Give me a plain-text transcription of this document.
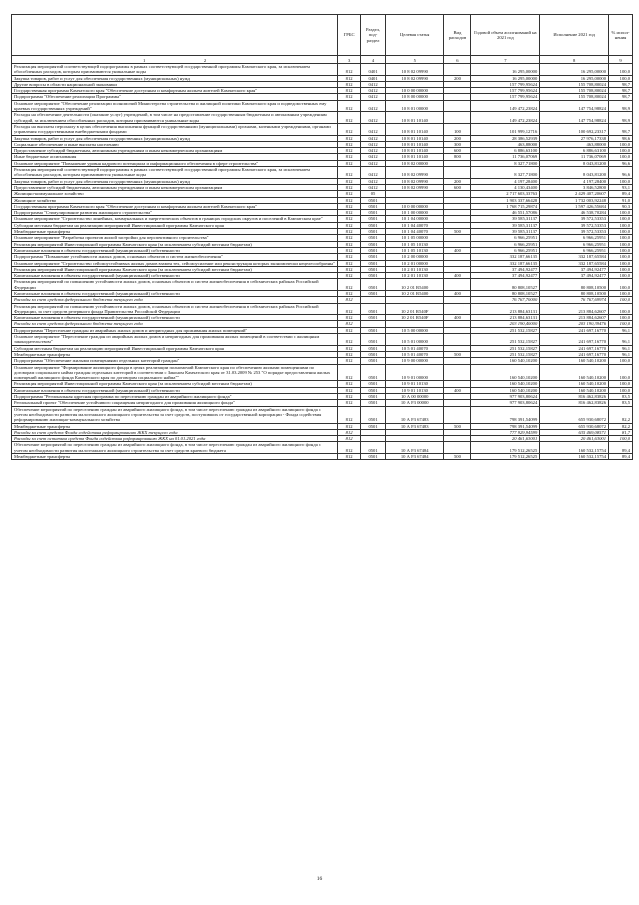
	ГРБС	Раздел, под-раздел	Целевая статья	Вид расходов	Годовой объем ассигнований на 2021 год	Исполнение 2021 год	% испол-нения
1                                                   2	3	4	5	6	7	8	9
Реализация мероприятий соответствующей подпрограммы в рамках соответствующей государственной программы Камчатского края, за исключением обособленных расходов, которым присваиваются уникальные коды	812	0401	10 8 02 09990		16 295,00000	16 295,00000	100,0
Закупка товаров, работ и услуг для обеспечения государственных (муниципальных) нужд	812	0401	10 8 02 09990	200	16 295,00000	16 295,00000	100,0
Другие вопросы в области национальной экономики	812	0412			157 799,95624	155 708,80024	98,7
Государственная программа Камчатского края "Обеспечение доступным и комфортным жильем жителей Камчатского края"	812	0412	10 0 00 00000		157 799,95624	155 708,80024	98,7
Подпрограмма "Обеспечение реализации Программы"	812	0412	10 8 00 00000		157 799,95624	155 708,80024	98,7
Основное мероприятие "Обеспечение реализации полномочий Министерства строительства и жилищной политики Камчатского края и подведомственных ему краевых государственных учреждений"	812	0412	10 8 01 00000		149 472,23824	147 754,98824	98,9
Расходы на обеспечение деятельности (оказание услуг) учреждений, в том числе на предоставление государственным бюджетным и автономным учреждениям субсидий, за исключением обособленных расходов, которым присваиваются уникальные коды	812	0412	10 8 01 10140		149 472,23824	147 754,98824	98,9
Расходы на выплаты персоналу в целях обеспечения выполнения функций государственными (муниципальными) органами, казенными учреждениями, органами управления государственными внебюджетными фондами	812	0412	10 8 01 10140	100	101 999,12716	100 692,23317	98,7
Закупка товаров, работ и услуг для обеспечения государственных (муниципальных) нужд	812	0412	10 8 01 10140	200	28 386,52939	27 976,17338	98,6
Социальное обеспечение и иные выплаты населению	812	0412	10 8 01 10140	300	463,88000	463,88000	100,0
Предоставление субсидий бюджетным, автономным учреждениям и иным некоммерческим организациям	812	0412	10 8 01 10140	600	6 886,63100	6 886,63100	100,0
Иные бюджетные ассигнования	812	0412	10 8 01 10140	800	11 736,07069	11 736,07069	100,0
Основное мероприятие "Повышение уровня кадрового потенциала и информационного обеспечения в сфере строительства"	812	0412	10 8 02 00000		8 327,71800	8 043,81200	96,6
Реализация мероприятий соответствующей подпрограммы в рамках соответствующей государственной программы Камчатского края, за исключением обособленных расходов, которым присваиваются уникальные коды	812	0412	10 8 02 09990		8 327,71800	8 043,81200	96,6
Закупка товаров, работ и услуг для обеспечения государственных (муниципальных) нужд	812	0412	10 8 02 09990	200	4 197,28400	4 197,28400	100,0
Предоставление субсидий бюджетным, автономным учреждениям и иным некоммерческим организациям	812	0412	10 8 02 09990	600	4 130,43400	3 846,52800	93,1
Жилищно-коммунальное хозяйство	812	05			2 717 603,33763	2 429 407,20607	89,4
Жилищное хозяйство	812	0501			1 903 337,66428	1 732 003,92248	91,0
Государственная программа Камчатского края "Обеспечение доступным и комфортным жильем жителей Камчатского края"	812	0501	10 0 00 00000		1 768 715,29874	1 597 426,55684	90,3
Подпрограмма "Стимулирование развития жилищного строительства"	812	0501	10 1 00 00000		46 551,57086	46 538,70284	100,0
Основное мероприятие "Строительство линейных, коммунальных и энергетических объектов в границах городских округов и поселений в Камчатском крае"	812	0501	10 1 04 00000		39 585,31137	39 572,53353	100,0
Субсидии местным бюджетам на реализацию мероприятий Инвестиционной программы Камчатского края	812	0501	10 1 04 40070		39 585,31137	39 572,53353	100,0
Межбюджетные трансферты	812	0501	10 1 04 40070	500	39 585,31137	39 572,53353	100,0
Основное мероприятие "Разработка проектов жилой застройки для перспективного строительства"	812	0501	10 1 05 00000		6 966,25951	6 966,25951	100,0
Реализация мероприятий Инвестиционной программы Камчатского края (за исключением субсидий местным бюджетам)	812	0501	10 1 05 10130		6 966,25951	6 966,25951	100,0
Капитальные вложения в объекты государственной (муниципальной) собственности	812	0501	10 1 05 10130	400	6 966,25951	6 966,25951	100,0
Подпрограмма "Повышение устойчивости жилых домов, основных объектов и систем жизнеобеспечения"	812	0501	10 2 00 00000		332 187,66135	332 187,65584	100,0
Основное мероприятие "Строительство сейсмоустойчивых жилых домов взамен тех, сейсмоусиление или реконструкция которых экономически нецелесообразны"	812	0501	10 2 01 00000		332 187,66135	332 187,65584	100,0
Реализация мероприятий Инвестиционной программы Камчатского края (за исключением субсидий местным бюджетам)	812	0501	10 2 01 10130		37 494,92477	37 494,92477	100,0
Капитальные вложения в объекты государственной (муниципальной) собственности	812	0501	10 2 01 10130	400	37 494,92477	37 494,92477	100,0
Реализация мероприятий по повышению устойчивости жилых домов, основных объектов и систем жизнеобеспечения в сейсмических районах Российской Федерации	812	0501	10 2 01 R5400		80 808,10527	80 808,10500	100,0
Капитальные вложения в объекты государственной (муниципальной) собственности	812	0501	10 2 01 R5400	400	80 808,10527	80 808,10500	100,0
Расходы за счет средств федерального бюджета текущего года	812				76 767,70000	76 767,69974	100,0
Реализация мероприятий по повышению устойчивости жилых домов, основных объектов и систем жизнеобеспечения в сейсмических районах Российской Федерации, за счет средств резервного фонда Правительства Российской Федерации	812	0501	10 2 01 R540F		213 884,63131	213 884,62607	100,0
Капитальные вложения в объекты государственной (муниципальной) собственности	812	0501	10 2 01 R540F	400	213 884,63131	213 884,62607	100,0
Расходы за счет средств федерального бюджета текущего года	812				203 190,40000	203 190,39476	100,0
Подпрограмма "Переселение граждан из аварийных жилых домов и непригодных для проживания жилых помещений"	812	0501	10 5 00 00000		251 532,15827	241 697,16770	96,1
Основное мероприятие "Переселение граждан из аварийных жилых домов и непригодных для проживания жилых помещений в соответствии с жилищным законодательством"	812	0501	10 5 01 00000		251 532,15827	241 697,16770	96,1
Субсидии местным бюджетам на реализацию мероприятий Инвестиционной программы Камчатского края	812	0501	10 5 01 40070		251 532,15827	241 697,16770	96,1
Межбюджетные трансферты	812	0501	10 5 01 40070	500	251 532,15827	241 697,16770	96,1
Подпрограмма "Обеспечение жилыми помещениями отдельных категорий граждан"	812	0501	10 9 00 00000		160 540,10200	160 540,10200	100,0
Основное мероприятие "Формирование жилищного фонда в целях реализации полномочий Камчатского края по обеспечению жилыми помещениями по договорам социального найма граждан отдельных категорий в соответствии с Законом Камчатского края от 31.03.2009 № 253 "О порядке предоставления жилых помещений жилищного фонда Камчатского края по договорам социального найма""	812	0501	10 9 01 00000		160 540,10200	160 540,10200	100,0
Реализация мероприятий Инвестиционной программы Камчатского края (за исключением субсидий местным бюджетам)	812	0501	10 9 01 10130		160 540,10200	160 540,10200	100,0
Капитальные вложения в объекты государственной (муниципальной) собственности	812	0501	10 9 01 10130	400	160 540,10200	160 540,10200	100,0
Подпрограмма "Региональная адресная программа по переселению граждан из аварийного жилищного фонда"	812	0501	10 А 00 00000		977 903,80624	816 462,83826	83,5
Региональный проект "Обеспечение устойчивого сокращения непригодного для проживания жилищного фонда"	812	0501	10 А F3 00000		977 903,80624	816 462,83826	83,5
Обеспечение мероприятий по переселению граждан из аварийного жилищного фонда, в том числе переселению граждан из аварийного жилищного фонда с учетом необходимости развития малоэтажного жилищного строительства за счет средств, поступивших от государственной корпорации - Фонда содействия реформированию жилищно-коммунального хозяйства	812	0501	10 А F3 67483		798 391,54099	655 930,68072	82,2
Межбюджетные трансферты	812	0501	10 А F3 67483	500	798 391,54099	655 930,68072	82,2
Расходы за счет средств Фонда содействия реформированию ЖКХ текущего года	812				777 929,94599	635 469,08571	81,7
Расходы за счет остатков средств Фонда содействия реформированию ЖКХ на 01.01.2021 года	812				20 461,63001	20 461,63001	100,0
Обеспечение мероприятий по переселению граждан из аварийного жилищного фонда, в том числе переселению граждан из аварийного жилищного фонда с учетом необходимости развития малоэтажного жилищного строительства за счет средств краевого бюджета	812	0501	10 А F3 67484		179 512,26525	160 532,15754	89,4
Межбюджетные трансферты	812	0501	10 А F3 67484	500	179 512,26525	160 532,15754	89,4
16
